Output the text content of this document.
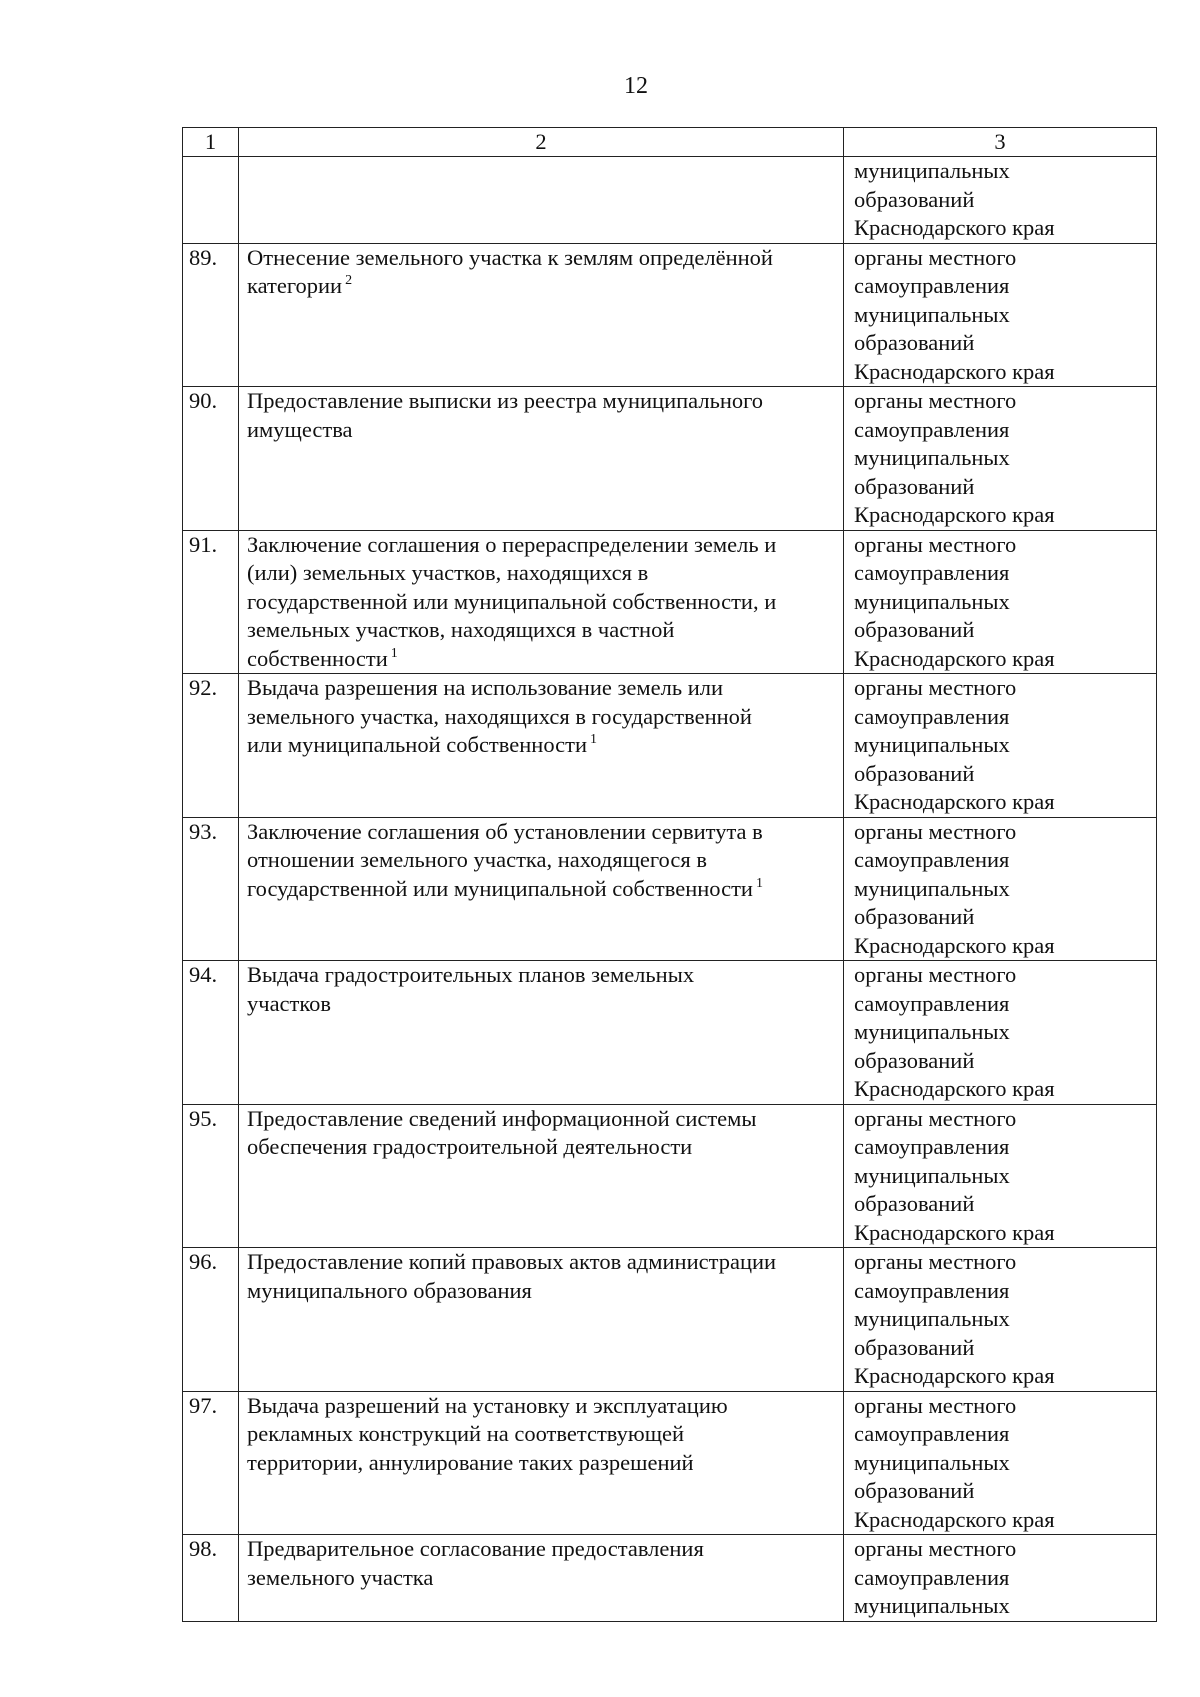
12
1	2	3

		муниципальных
образований
Краснодарского края

89.	Отнесение земельного участка к землям определённой
категории $^2$	органы местного
самоуправления
муниципальных
образований
Краснодарского края

90.	Предоставление выписки из реестра муниципального
имущества	органы местного
самоуправления
муниципальных
образований
Краснодарского края

91.	Заключение соглашения о перераспределении земель и
(или) земельных участков, находящихся в
государственной или муниципальной собственности, и
земельных участков, находящихся в частной
собственности $^1$	органы местного
самоуправления
муниципальных
образований
Краснодарского края

92.	Выдача разрешения на использование земель или
земельного участка, находящихся в государственной
или муниципальной собственности $^1$	органы местного
самоуправления
муниципальных
образований
Краснодарского края

93.	Заключение соглашения об установлении сервитута в
отношении земельного участка, находящегося в
государственной или муниципальной собственности $^1$	органы местного
самоуправления
муниципальных
образований
Краснодарского края

94.	Выдача градостроительных планов земельных
участков	органы местного
самоуправления
муниципальных
образований
Краснодарского края

95.	Предоставление сведений информационной системы
обеспечения градостроительной деятельности	органы местного
самоуправления
муниципальных
образований
Краснодарского края

96.	Предоставление копий правовых актов администрации
муниципального образования	органы местного
самоуправления
муниципальных
образований
Краснодарского края

97.	Выдача разрешений на установку и эксплуатацию
рекламных конструкций на соответствующей
территории, аннулирование таких разрешений	органы местного
самоуправления
муниципальных
образований
Краснодарского края

98.	Предварительное согласование предоставления
земельного участка	органы местного
самоуправления
муниципальных
